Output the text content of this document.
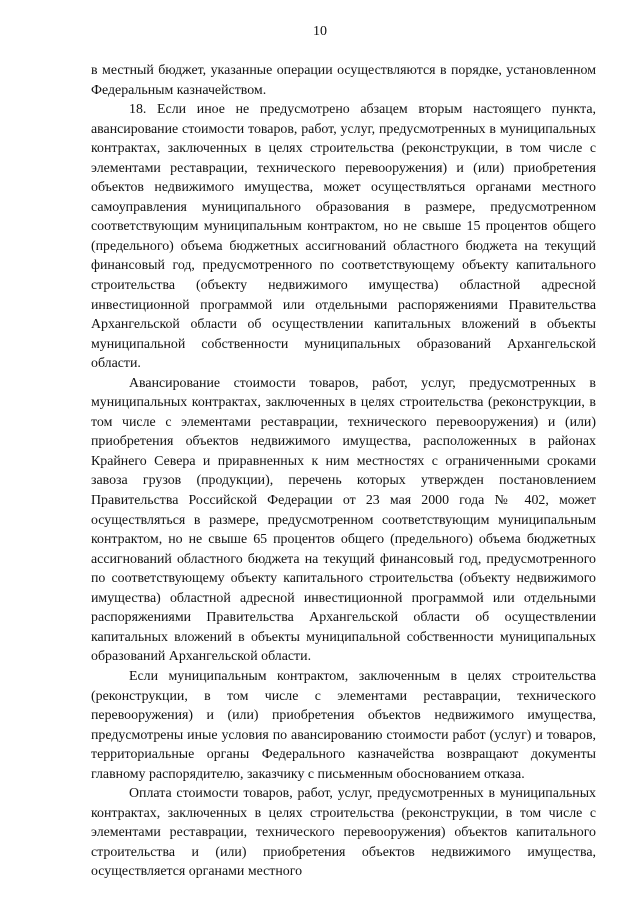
10

в местный бюджет, указанные операции осуществляются в порядке, установленном Федеральным казначейством.

18. Если иное не предусмотрено абзацем вторым настоящего пункта, авансирование стоимости товаров, работ, услуг, предусмотренных в муниципальных контрактах, заключенных в целях строительства (реконструкции, в том числе с элементами реставрации, технического перевооружения) и (или) приобретения объектов недвижимого имущества, может осуществляться органами местного самоуправления муниципального образования в размере, предусмотренном соответствующим муниципальным контрактом, но не свыше 15 процентов общего (предельного) объема бюджетных ассигнований областного бюджета на текущий финансовый год, предусмотренного по соответствующему объекту капитального строительства (объекту недвижимого имущества) областной адресной инвестиционной программой или отдельными распоряжениями Правительства Архангельской области об осуществлении капитальных вложений в объекты муниципальной собственности муниципальных образований Архангельской области.

Авансирование стоимости товаров, работ, услуг, предусмотренных в муниципальных контрактах, заключенных в целях строительства (реконструкции, в том числе с элементами реставрации, технического перевооружения) и (или) приобретения объектов недвижимого имущества, расположенных в районах Крайнего Севера и приравненных к ним местностях с ограниченными сроками завоза грузов (продукции), перечень которых утвержден постановлением Правительства Российской Федерации от 23 мая 2000 года № 402, может осуществляться в размере, предусмотренном соответствующим муниципальным контрактом, но не свыше 65 процентов общего (предельного) объема бюджетных ассигнований областного бюджета на текущий финансовый год, предусмотренного по соответствующему объекту капитального строительства (объекту недвижимого имущества) областной адресной инвестиционной программой или отдельными распоряжениями Правительства Архангельской области об осуществлении капитальных вложений в объекты муниципальной собственности муниципальных образований Архангельской области.

Если муниципальным контрактом, заключенным в целях строительства (реконструкции, в том числе с элементами реставрации, технического перевооружения) и (или) приобретения объектов недвижимого имущества, предусмотрены иные условия по авансированию стоимости работ (услуг) и товаров, территориальные органы Федерального казначейства возвращают документы главному распорядителю, заказчику с письменным обоснованием отказа.

Оплата стоимости товаров, работ, услуг, предусмотренных в муниципальных контрактах, заключенных в целях строительства (реконструкции, в том числе с элементами реставрации, технического перевооружения) объектов капитального строительства и (или) приобретения объектов недвижимого имущества, осуществляется органами местного
